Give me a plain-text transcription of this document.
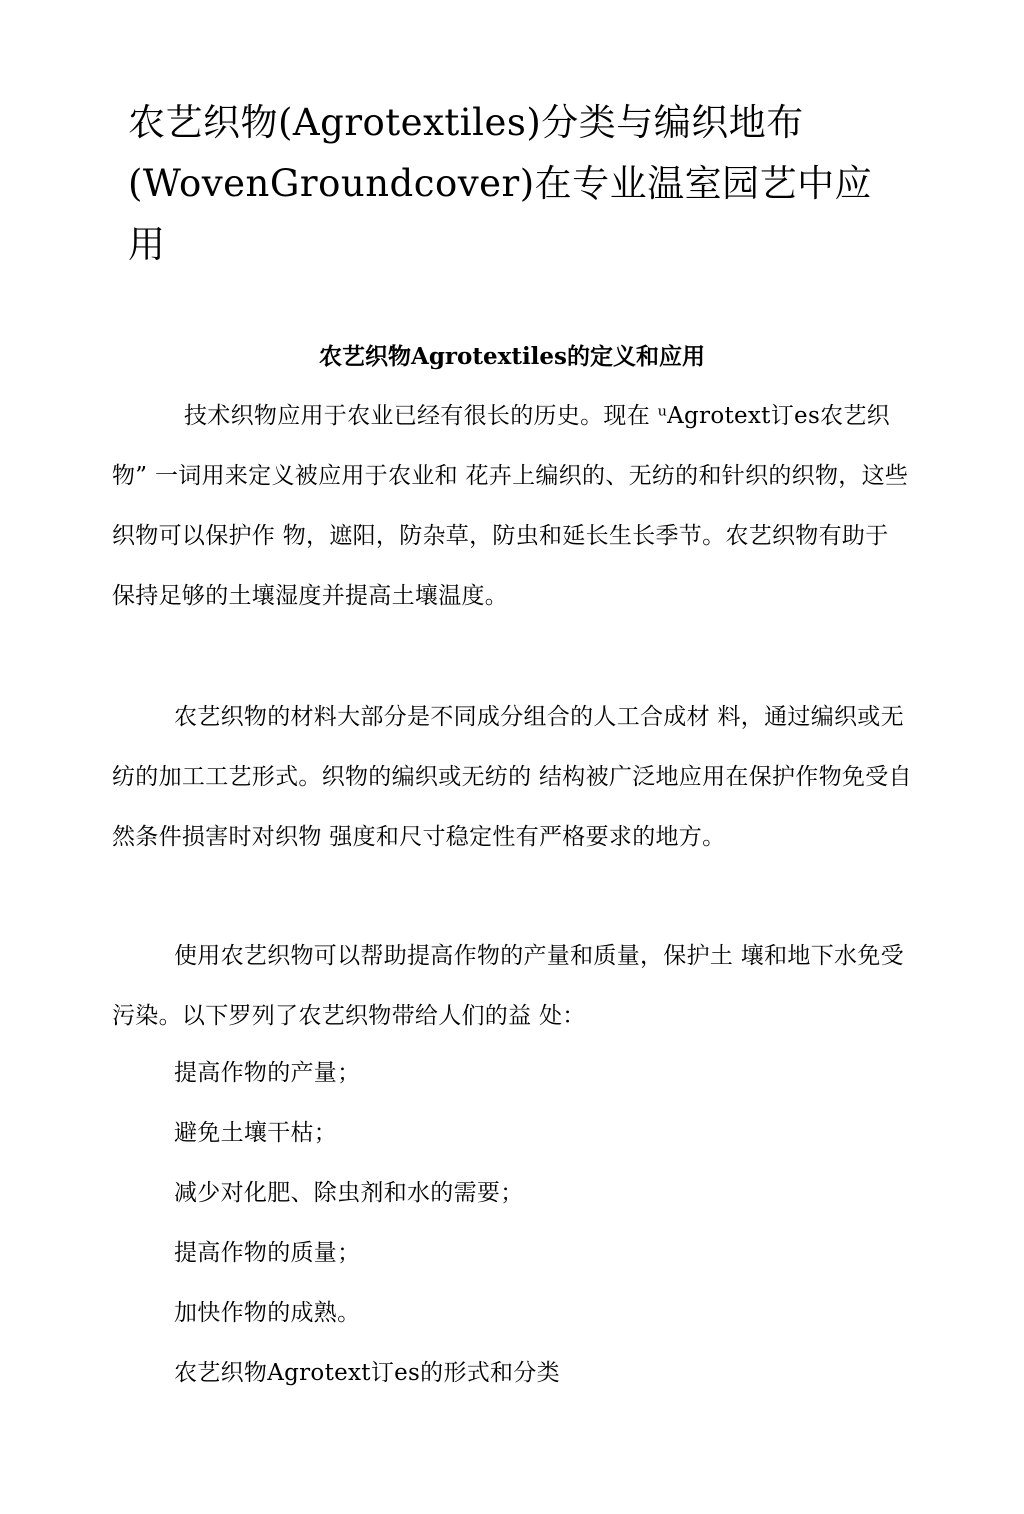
农艺织物(Agrotextiles)分类与编织地布(WovenGroundcover)在专业温室园艺中应用
农艺织物Agrotextiles的定义和应用

技术织物应用于农业已经有很长的历史。现在 ᵘAgrotext订es农艺织物” 一词用来定义被应用于农业和 花卉上编织的、无纺的和针织的织物，这些织物可以保护作 物，遮阳，防杂草，防虫和延长生长季节。农艺织物有助于 保持足够的土壤湿度并提高土壤温度。

农艺织物的材料大部分是不同成分组合的人工合成材 料，通过编织或无纺的加工工艺形式。织物的编织或无纺的 结构被广泛地应用在保护作物免受自然条件损害时对织物 强度和尺寸稳定性有严格要求的地方。

使用农艺织物可以帮助提高作物的产量和质量，保护土 壤和地下水免受污染。以下罗列了农艺织物带给人们的益 处：

提高作物的产量；

避免土壤干枯；

减少对化肥、除虫剂和水的需要；

提高作物的质量；

加快作物的成熟。

农艺织物Agrotext订es的形式和分类
